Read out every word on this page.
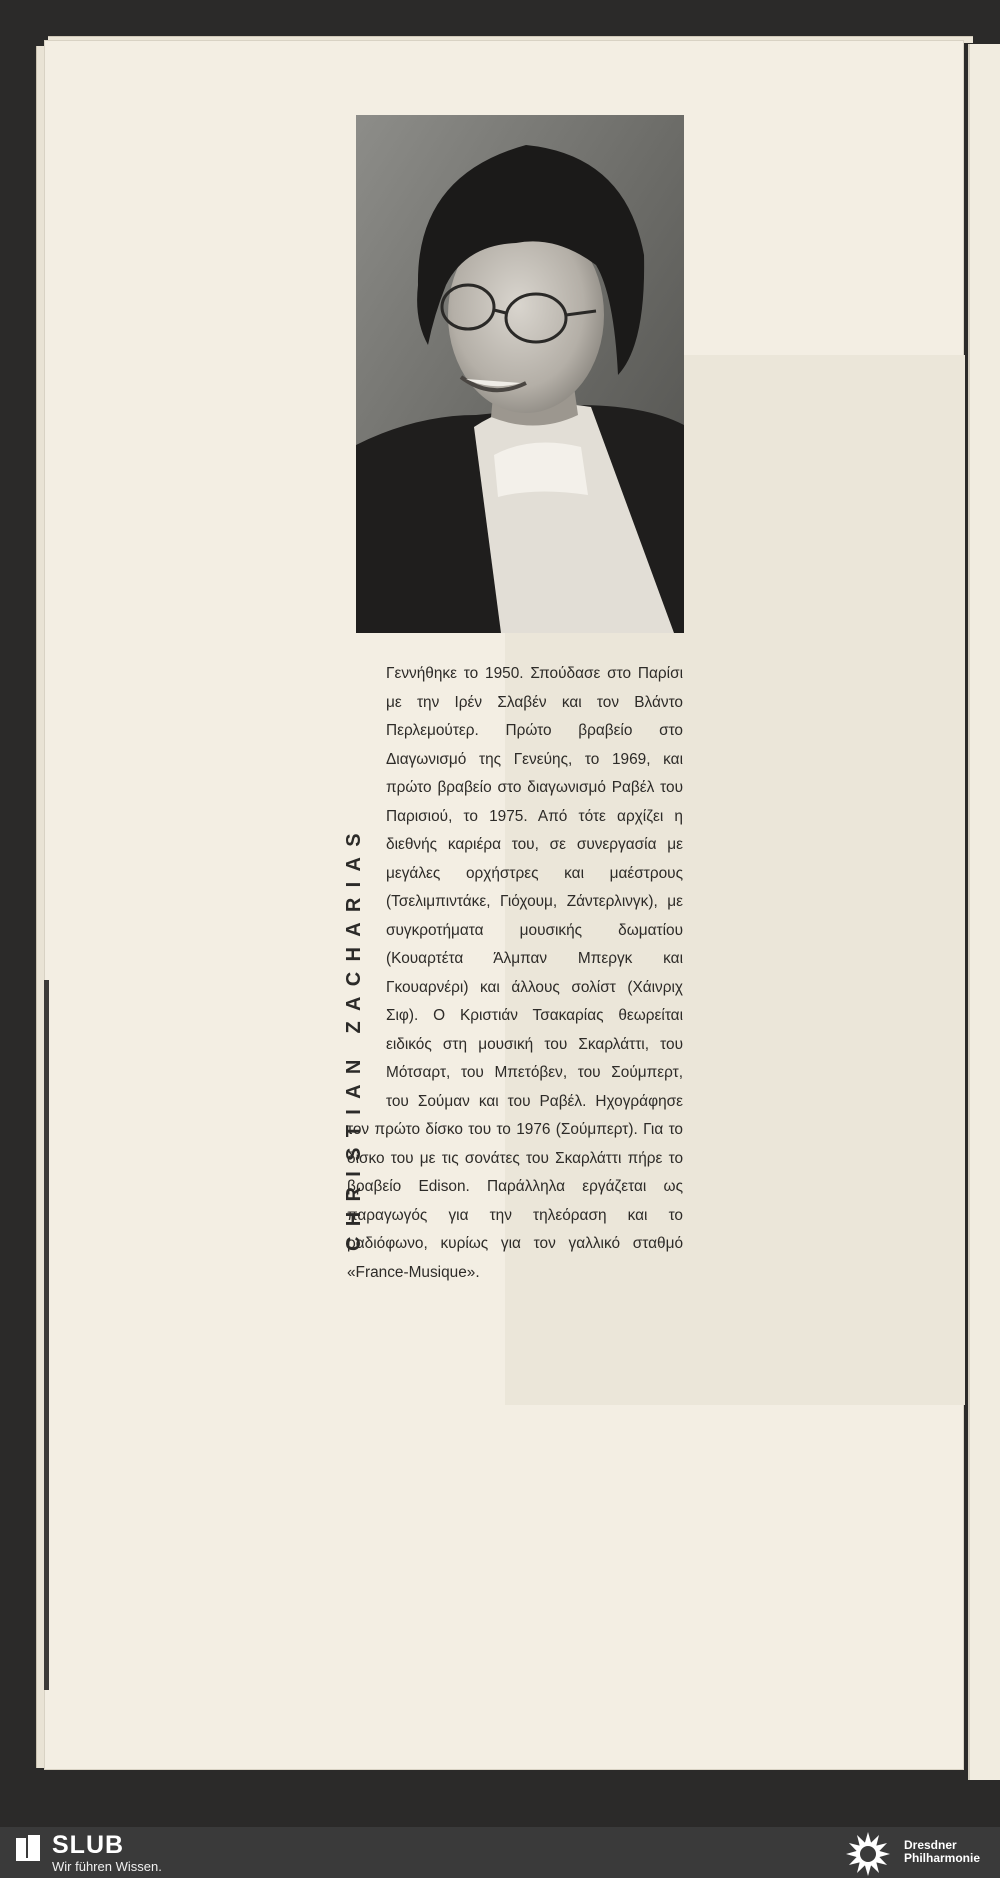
CHRISTIAN ZACHARIAS

Γεννήθηκε το 1950. Σπούδασε στο Παρίσι με την Ιρέν Σλαβέν και τον Βλάντο Περλεμούτερ. Πρώτο βραβείο στο Διαγωνισμό της Γενεύης, το 1969, και πρώτο βραβείο στο διαγωνισμό Ραβέλ του Παρισιού, το 1975. Από τότε αρχίζει η διεθνής καριέρα του, σε συνεργασία με μεγάλες ορχήστρες και μαέστρους (Τσελιμπιντάκε, Γιόχουμ, Ζάντερλινγκ), με συγκροτήματα μουσικής δωματίου (Κουαρτέτα Άλμπαν Μπεργκ και Γκουαρνέρι) και άλλους σολίστ (Χάινριχ Σιφ). Ο Κριστιάν Τσακαρίας θεωρείται ειδικός στη μουσική του Σκαρλάττι, του Μότσαρτ, του Μπετόβεν, του Σούμπερτ, του Σούμαν και του Ραβέλ. Ηχογράφησε τον πρώτο δίσκο του το 1976 (Σούμπερτ). Για το δίσκο του με τις σονάτες του Σκαρλάττι πήρε το βραβείο Edison. Παράλληλα εργάζεται ως παραγωγός για την τηλεόραση και το ραδιόφωνο, κυρίως για τον γαλλικό σταθμό «France-Musique».

SLUB
Wir führen Wissen.
Dresdner
Philharmonie
